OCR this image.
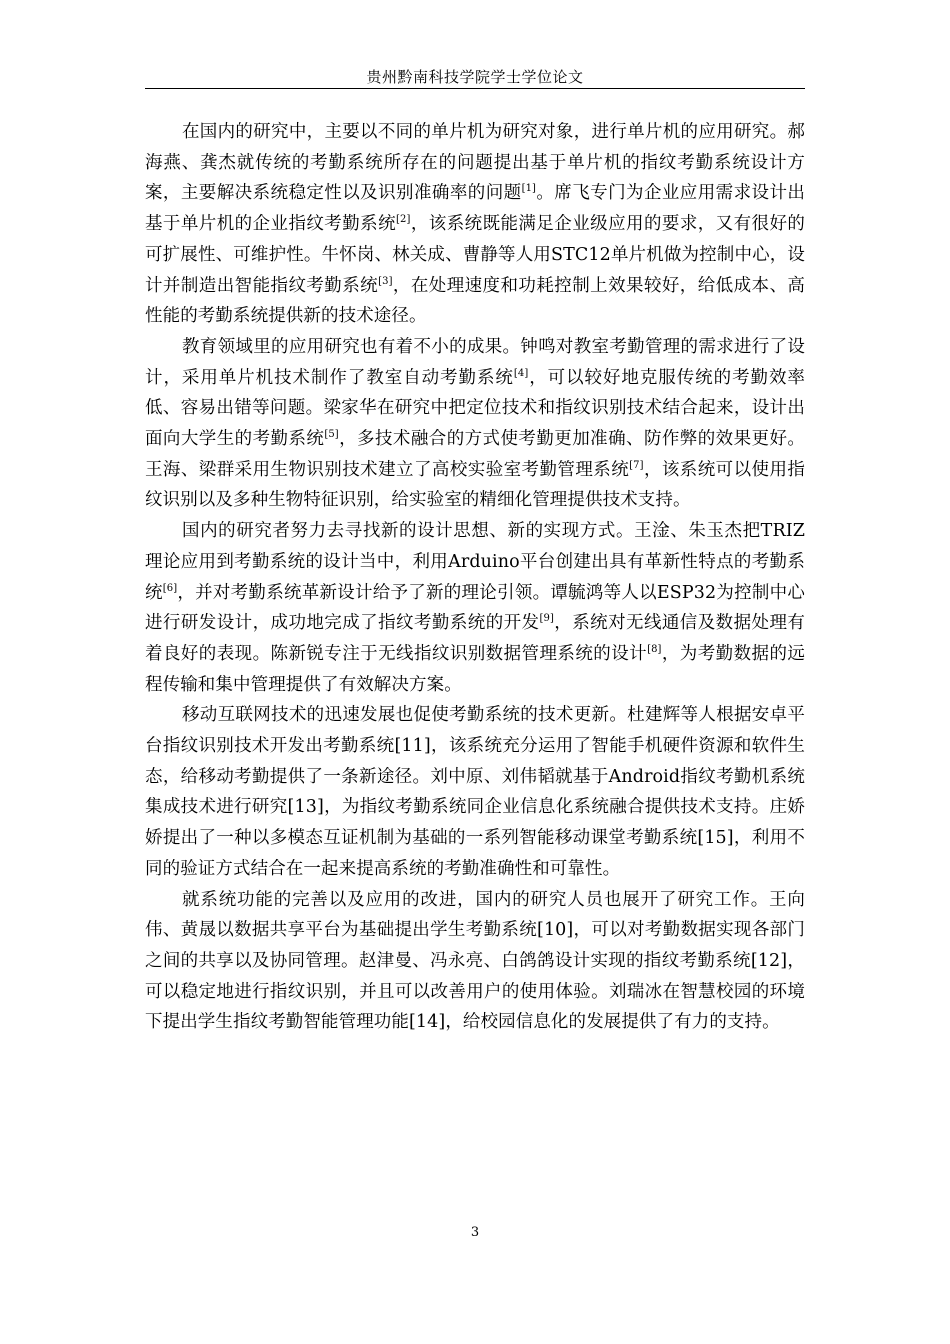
贵州黔南科技学院学士学位论文

在国内的研究中，主要以不同的单片机为研究对象，进行单片机的应用研究。郝海燕、龚杰就传统的考勤系统所存在的问题提出基于单片机的指纹考勤系统设计方案，主要解决系统稳定性以及识别准确率的问题[1]。席飞专门为企业应用需求设计出基于单片机的企业指纹考勤系统[2]，该系统既能满足企业级应用的要求，又有很好的可扩展性、可维护性。牛怀岗、林关成、曹静等人用STC12单片机做为控制中心，设计并制造出智能指纹考勤系统[3]，在处理速度和功耗控制上效果较好，给低成本、高性能的考勤系统提供新的技术途径。

教育领域里的应用研究也有着不小的成果。钟鸣对教室考勤管理的需求进行了设计，采用单片机技术制作了教室自动考勤系统[4]，可以较好地克服传统的考勤效率低、容易出错等问题。梁家华在研究中把定位技术和指纹识别技术结合起来，设计出面向大学生的考勤系统[5]，多技术融合的方式使考勤更加准确、防作弊的效果更好。王海、梁群采用生物识别技术建立了高校实验室考勤管理系统[7]，该系统可以使用指纹识别以及多种生物特征识别，给实验室的精细化管理提供技术支持。

国内的研究者努力去寻找新的设计思想、新的实现方式。王淦、朱玉杰把TRIZ理论应用到考勤系统的设计当中，利用Arduino平台创建出具有革新性特点的考勤系统[6]，并对考勤系统革新设计给予了新的理论引领。谭毓鸿等人以ESP32为控制中心进行研发设计，成功地完成了指纹考勤系统的开发[9]，系统对无线通信及数据处理有着良好的表现。陈新锐专注于无线指纹识别数据管理系统的设计[8]，为考勤数据的远程传输和集中管理提供了有效解决方案。

移动互联网技术的迅速发展也促使考勤系统的技术更新。杜建辉等人根据安卓平台指纹识别技术开发出考勤系统[11]，该系统充分运用了智能手机硬件资源和软件生态，给移动考勤提供了一条新途径。刘中原、刘伟韬就基于Android指纹考勤机系统集成技术进行研究[13]，为指纹考勤系统同企业信息化系统融合提供技术支持。庄娇娇提出了一种以多模态互证机制为基础的一系列智能移动课堂考勤系统[15]，利用不同的验证方式结合在一起来提高系统的考勤准确性和可靠性。

就系统功能的完善以及应用的改进，国内的研究人员也展开了研究工作。王向伟、黄晟以数据共享平台为基础提出学生考勤系统[10]，可以对考勤数据实现各部门之间的共享以及协同管理。赵津曼、冯永亮、白鸽鸽设计实现的指纹考勤系统[12]，可以稳定地进行指纹识别，并且可以改善用户的使用体验。刘瑞冰在智慧校园的环境下提出学生指纹考勤智能管理功能[14]，给校园信息化的发展提供了有力的支持。

3
